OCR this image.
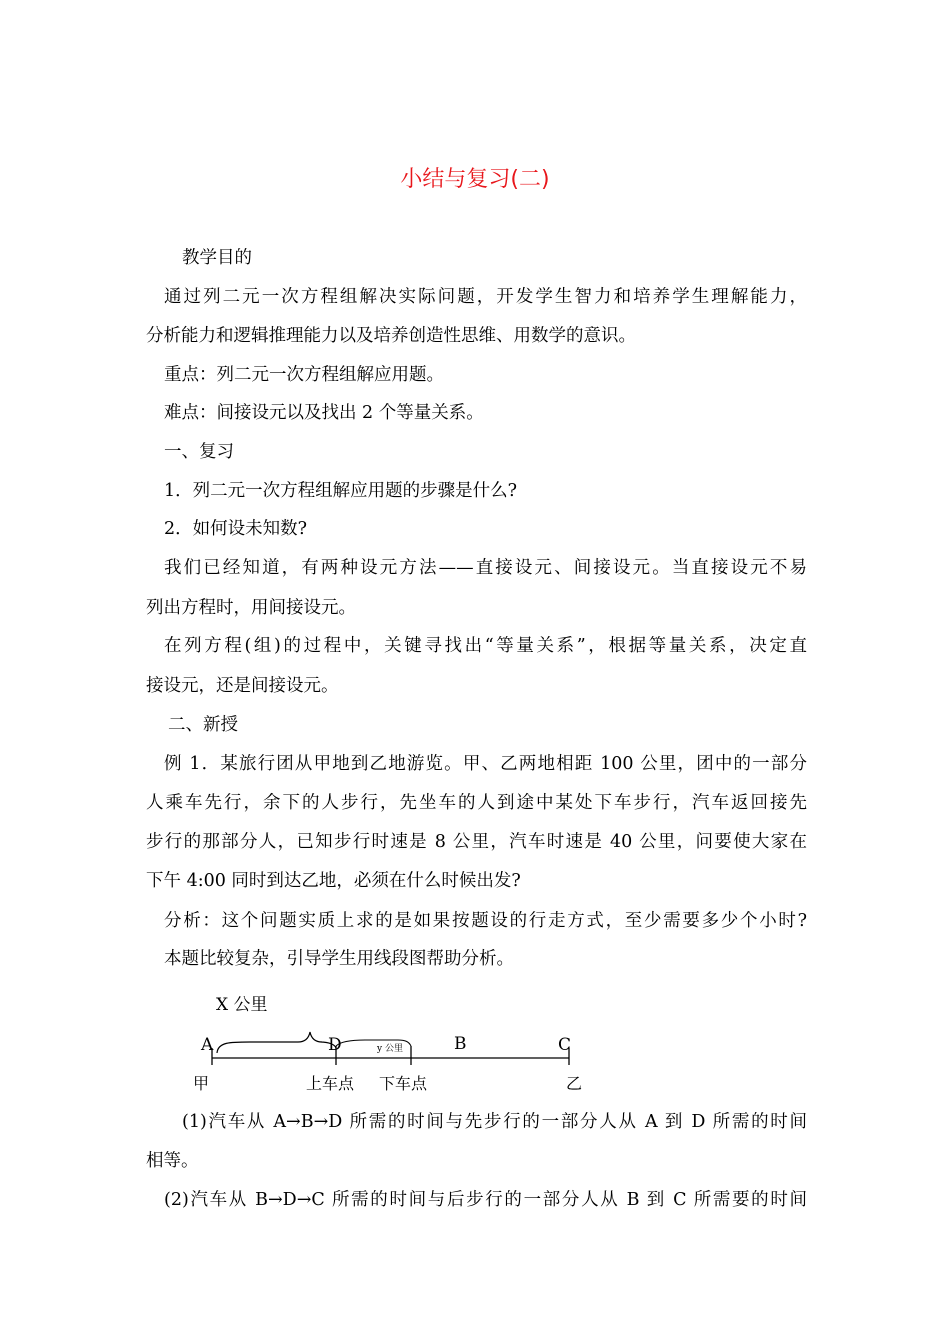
小结与复习(二)
教学目的
通过列二元一次方程组解决实际问题，开发学生智力和培养学生理解能力，
分析能力和逻辑推理能力以及培养创造性思维、用数学的意识。
重点：列二元一次方程组解应用题。
难点：间接设元以及找出 2 个等量关系。
一、复习
1．列二元一次方程组解应用题的步骤是什么?
2．如何设未知数?
我们已经知道，有两种设元方法——直接设元、间接设元。当直接设元不易
列出方程时，用间接设元。
在列方程(组)的过程中，关键寻找出“等量关系”，根据等量关系，决定直
接设元，还是间接设元。
二、新授
例 1．某旅行团从甲地到乙地游览。甲、乙两地相距 100 公里，团中的一部分
人乘车先行，余下的人步行，先坐车的人到途中某处下车步行，汽车返回接先
步行的那部分人，已知步行时速是 8 公里，汽车时速是 40 公里，问要使大家在
下午 4:00 同时到达乙地，必须在什么时候出发?
分析：这个问题实质上求的是如果按题设的行走方式，至少需要多少个小时?
本题比较复杂，引导学生用线段图帮助分析。
X 公里
y 公里
A	D	B	C
甲	上车点 下车点	乙
(1)汽车从 A→B→D 所需的时间与先步行的一部分人从 A 到 D 所需的时间
相等。
(2)汽车从 B→D→C 所需的时间与后步行的一部分人从 B 到 C 所需要的时间
